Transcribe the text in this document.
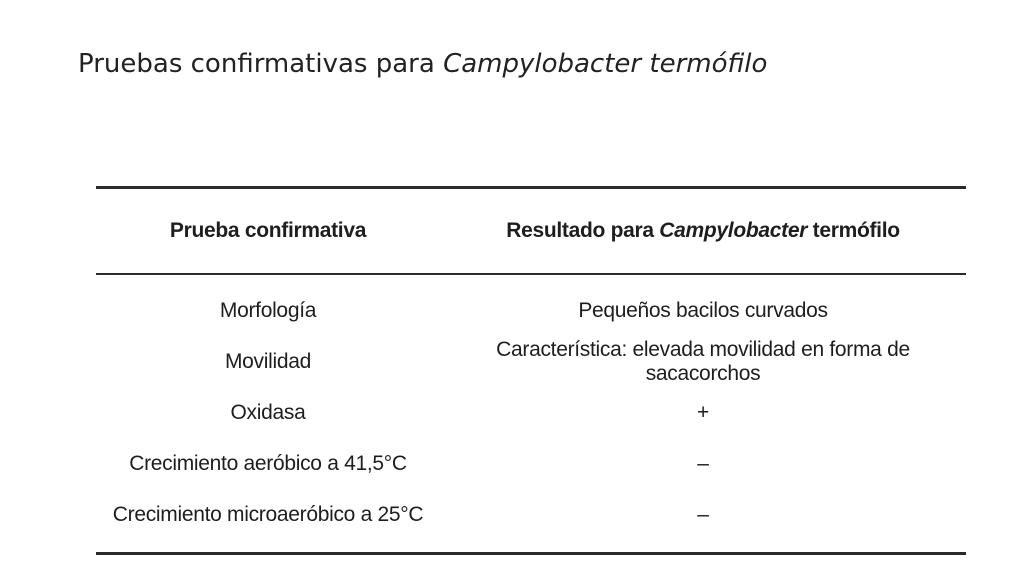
Pruebas confirmativas para Campylobacter termófilo
Prueba confirmativa	Resultado para Campylobacter termófilo
Morfología	Pequeños bacilos curvados
Movilidad	Característica: elevada movilidad en forma de sacacorchos
Oxidasa	+
Crecimiento aeróbico a 41,5°C	–
Crecimiento microaeróbico a 25°C	–
